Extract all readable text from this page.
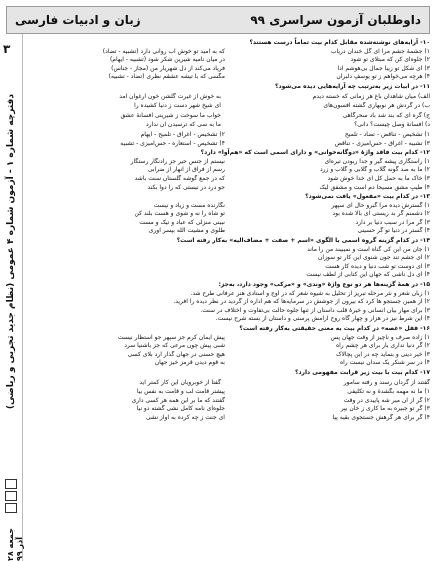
داوطلبان آزمون سراسری ۹۹
زبان و ادبیات فارسی
۳
دفترچه شماره ۱ - آزمون شماره ۴ عمومی (نظام جدید تجربی و ریاضی)
جمعه ۲۸ آذر ۹۹
۱۰- آرایه‌های نوشته‌شده مقابل کدام بیت تماماً درست هستند؟
۱) جشمهٔ جشم مرا ای گل خندان دریاب
۲) جلوه‌ای کن که مبتلای تو شود
۳) ای شکل تو زیبا جمال بی‌هوشم ادا
۴) هرچه می‌خواهم ز تو یوسفِ دلبران
که به امید تو خوش آب روانی دارد (تشبیه - تضاد)
در میان نامیه شیرین شکر شود (تشبیه - ایهام)
فریاد می‌کند از دل شهریار من (مجاز - جناس)
مگسی که با تیشه عشقم نظری (تضاد - تشبیه)
۱۱- در ابیات زیر به‌ترتیب چه آرایه‌هایی دیده می‌شود؟
الف) میان شاهدان باغ هر زمانی که خسته دیدم
به خوش از غیرت گلشن خون ارغوان آمد
ب) در گردش هر نوبهاری گشته افسون‌های
ای شیخ شهر دست ز دنیا کشیده را
ج) گره ای که بند شد باد سحرگاهی
خواب ما سوخت ز شیرینی افسانهٔ عشق
د) افسانهٔ وصل چیست؟ دانی؟
ما به سی که ترسیدن آن ندارد
۱) تشخیص - تناقض - تضاد - تلمیح
۳) تشبیه - اغراق - حس‌آمیزی - تناقض
۲) تشخیص - اغراق - تلمیح - ایهام
۴) تشخیص - استعاره - حس‌آمیزی - تشبیه
۱۲- کدام بیت فاقد واژهٔ «دوگانه‌خوانی» و دارای اسمی است که «هم‌آوا» دارد؟
۱) راستگاری پیشه گیر و جدا ربودن تیره‌ای
۲) ما به صد گونه گلاب و گلابی و گلاب و زرد
۳) خاک ما به حمل کل ای خدا خوش شود
۴) طیبِ مشق مسیحا دم است و مشفق لیک
نیستم از جنس حیر جز رادنگار رستگار
رسم از فراق از انهار از ضرابی
که در جمع گوشه گلستان سنت باشد
جو درد در نیستی که را دوا بکند
۱۳- در کدام بیت «مفعول» یافت نمی‌شود؟
۱) گسترش دیده مرا گبرو حال ای سپهر
۲) دشمنم گر بد زیستی ای بالا شده بود
۳) گر مرا در سبب دنیا بر دارد
۴) گستر در دنیا تو گر حسینی
نگارنده مست و زیاد و نیست
تو شاه را نه و شوی و هست بلند کن
نبینی منزلی که عباد و نیک و مست
طلوی و مشیت الله بپسر آوری
۱۴- در کدام گزینه گروه اسمی با الگوی «اسم + صفت + مضاف‌الیه» به‌کار رفته است؟
۱) جان من این کی گناه است و نمیبیند من را ماند
۲) ای جشم تند جون شنوی این کار تو سوزان
۳) ای دوست تو شب دنیا و دیده کار هست
۴) ای دل ناشی که جهان این کتابی از لطف نیست
۱۵- در همهٔ گزینه‌ها هر دو نوع واژهٔ «وندی» و «مرکب» وجود دارد، به‌جز:
۱) زبان شعر و نثر مرحله تبریز از تحلیل به شیوه شعر که در اوج و استادی هنر عرفانی طرح شد.
۲) از همین جستجو ها کرد که بیرون از جوشش در سرمایه‌ها که هم اداره از گردید در نظر دیده را آفرید.
۳) برای مهار بیان انسانی و خیرهٔ قلب داستان از تنها جلوه حالت بی‌تفاوت و اختلاف در سنت.
۴) این شرط نیز در هزار و چهار گاه روح آرامش پرستی و داستان از بسته شرح نیست.
۱۶- قفل «غصه» در کدام بیت به معنی حقیقتی به‌کار رفته است؟
۱) زاده صرف و ناچیز از وقت جهان پس
۲) گر دنیا نداری یار برای هر چشم راه
۳) خیر دینی و بنماید چه در این پچالاک
۴) در سر شنکر یک سدان نیست راه
پیش ایمان کرم جز سپهر جو استظار نیست
شبی پیش چون مرعی که جز باشنیا سرد
هیچ حسنی در جهان گذار آرد بلای کسی
به قوم دیدن قرمز خیز جهان
۱۷- کدام بیت با بیت زیر قرابت مفهومی دارد؟
گفتند از گردان رسند و رفته سامور
گفتا از خوبرویان این کار کمتر آید
۱) ما نه مهمه بگشدة و نه تکلیفی
۲) گر از آن میر شه پاییدی در وقت
۳) گر تو جبیره به ما کاری ز خان بپر
۴) گر برای هر گرهش جستجوی بقیه پیا
پیشتر قامت لب و قامت به نفس بیا
گفتند که ما بر این همه هر کسی داری
جلوه‌ای نامه کامل نشی گشته دو نیا
ای جنت ز چه کرده به آواز نشی
